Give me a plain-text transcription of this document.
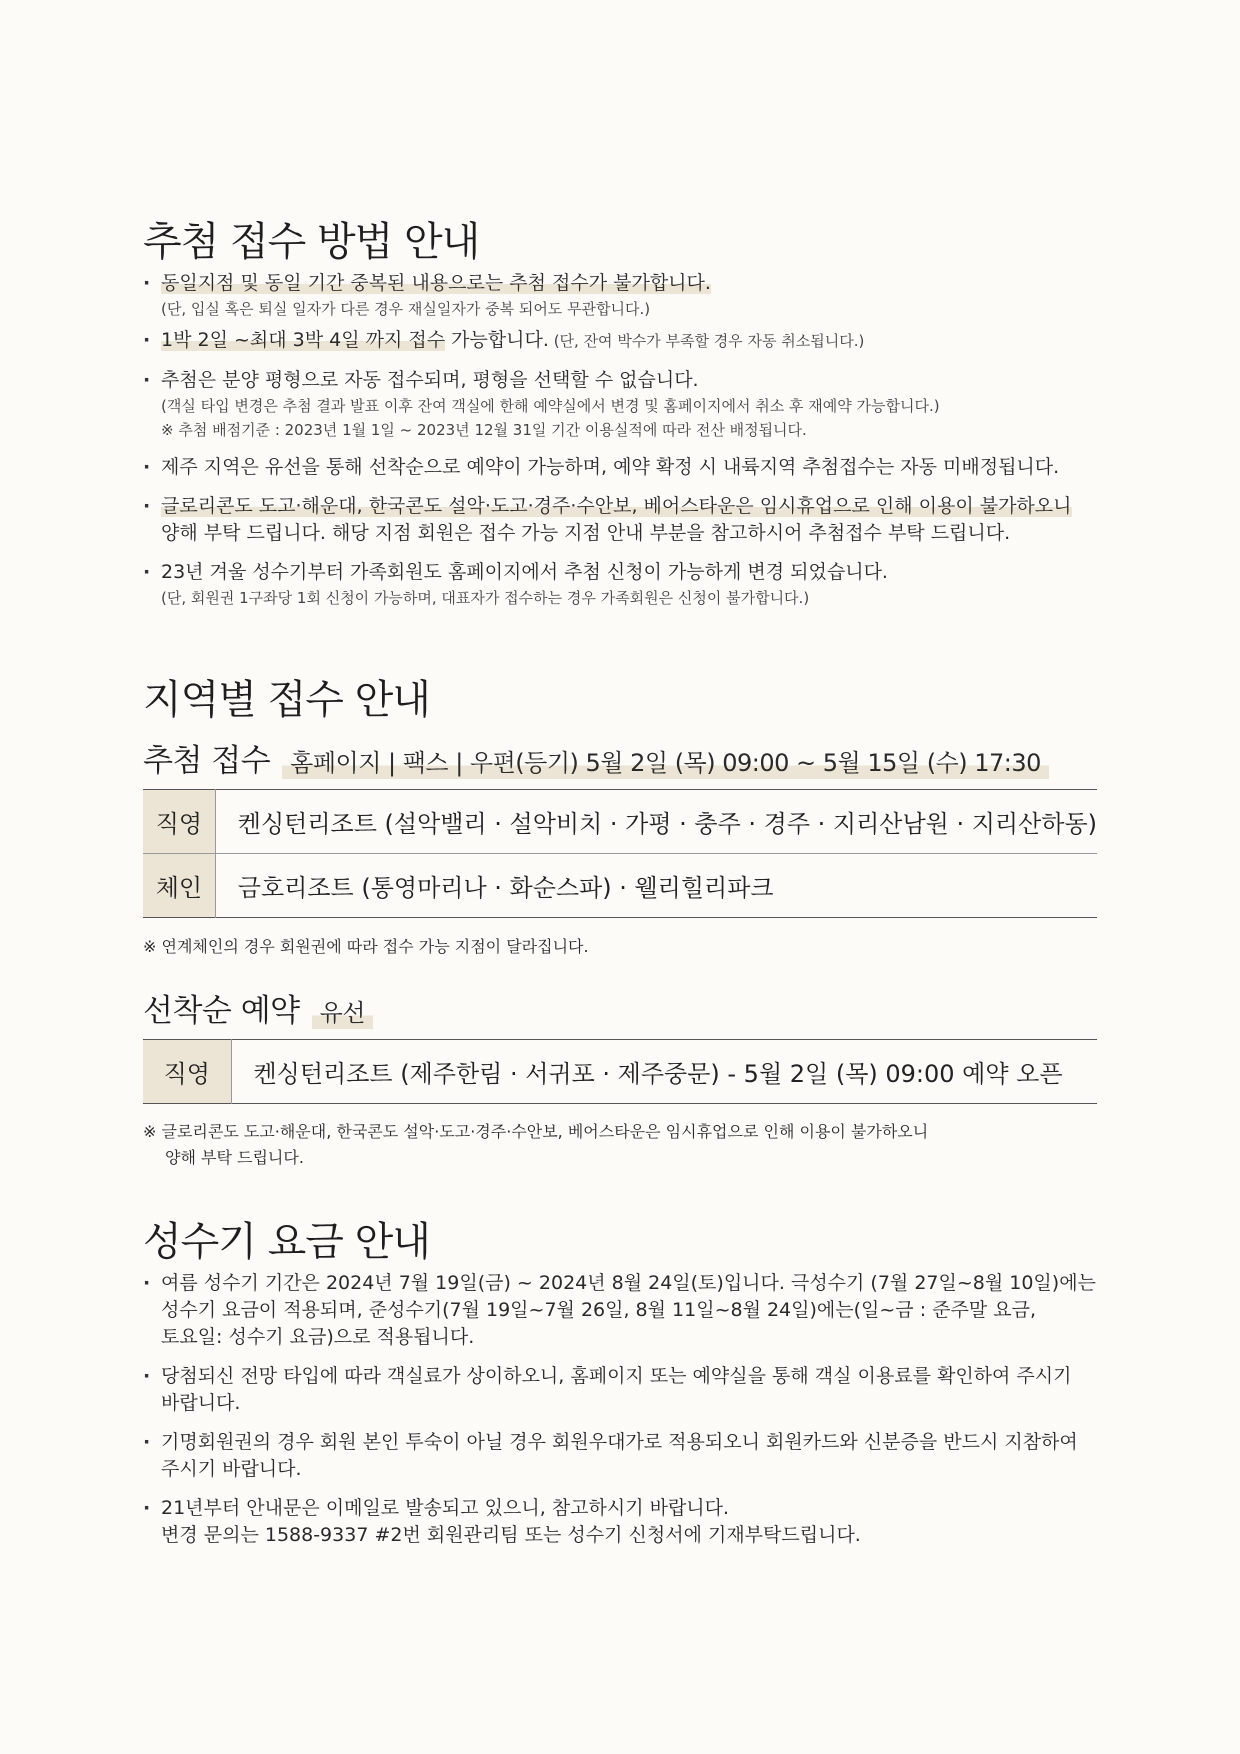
추첨 접수 방법 안내
· 동일지점 및 동일 기간 중복된 내용으로는 추첨 접수가 불가합니다.
(단, 입실 혹은 퇴실 일자가 다른 경우 재실일자가 중복 되어도 무관합니다.)
· 1박 2일 ~최대 3박 4일 까지 접수 가능합니다. (단, 잔여 박수가 부족할 경우 자동 취소됩니다.)
· 추첨은 분양 평형으로 자동 접수되며, 평형을 선택할 수 없습니다.
(객실 타입 변경은 추첨 결과 발표 이후 잔여 객실에 한해 예약실에서 변경 및 홈페이지에서 취소 후 재예약 가능합니다.)
※ 추첨 배점기준 : 2023년 1월 1일 ~ 2023년 12월 31일 기간 이용실적에 따라 전산 배정됩니다.
· 제주 지역은 유선을 통해 선착순으로 예약이 가능하며, 예약 확정 시 내륙지역 추첨접수는 자동 미배정됩니다.
· 글로리콘도 도고·해운대, 한국콘도 설악·도고·경주·수안보, 베어스타운은 임시휴업으로 인해 이용이 불가하오니
양해 부탁 드립니다. 해당 지점 회원은 접수 가능 지점 안내 부분을 참고하시어 추첨접수 부탁 드립니다.
· 23년 겨울 성수기부터 가족회원도 홈페이지에서 추첨 신청이 가능하게 변경 되었습니다.
(단, 회원권 1구좌당 1회 신청이 가능하며, 대표자가 접수하는 경우 가족회원은 신청이 불가합니다.)
지역별 접수 안내
추첨 접수 홈페이지 | 팩스 | 우편(등기) 5월 2일 (목) 09:00 ~ 5월 15일 (수) 17:30
직영	켄싱턴리조트 (설악밸리 · 설악비치 · 가평 · 충주 · 경주 · 지리산남원 · 지리산하동)
체인	금호리조트 (통영마리나 · 화순스파) · 웰리힐리파크
※ 연계체인의 경우 회원권에 따라 접수 가능 지점이 달라집니다.
선착순 예약 유선
직영	켄싱턴리조트 (제주한림 · 서귀포 · 제주중문) - 5월 2일 (목) 09:00 예약 오픈
※ 글로리콘도 도고·해운대, 한국콘도 설악·도고·경주·수안보, 베어스타운은 임시휴업으로 인해 이용이 불가하오니
양해 부탁 드립니다.
성수기 요금 안내
· 여름 성수기 기간은 2024년 7월 19일(금) ~ 2024년 8월 24일(토)입니다. 극성수기 (7월 27일~8월 10일)에는
성수기 요금이 적용되며, 준성수기(7월 19일~7월 26일, 8월 11일~8월 24일)에는(일~금 : 준주말 요금,
토요일: 성수기 요금)으로 적용됩니다.
· 당첨되신 전망 타입에 따라 객실료가 상이하오니, 홈페이지 또는 예약실을 통해 객실 이용료를 확인하여 주시기
바랍니다.
· 기명회원권의 경우 회원 본인 투숙이 아닐 경우 회원우대가로 적용되오니 회원카드와 신분증을 반드시 지참하여
주시기 바랍니다.
· 21년부터 안내문은 이메일로 발송되고 있으니, 참고하시기 바랍니다.
변경 문의는 1588-9337 #2번 회원관리팀 또는 성수기 신청서에 기재부탁드립니다.
